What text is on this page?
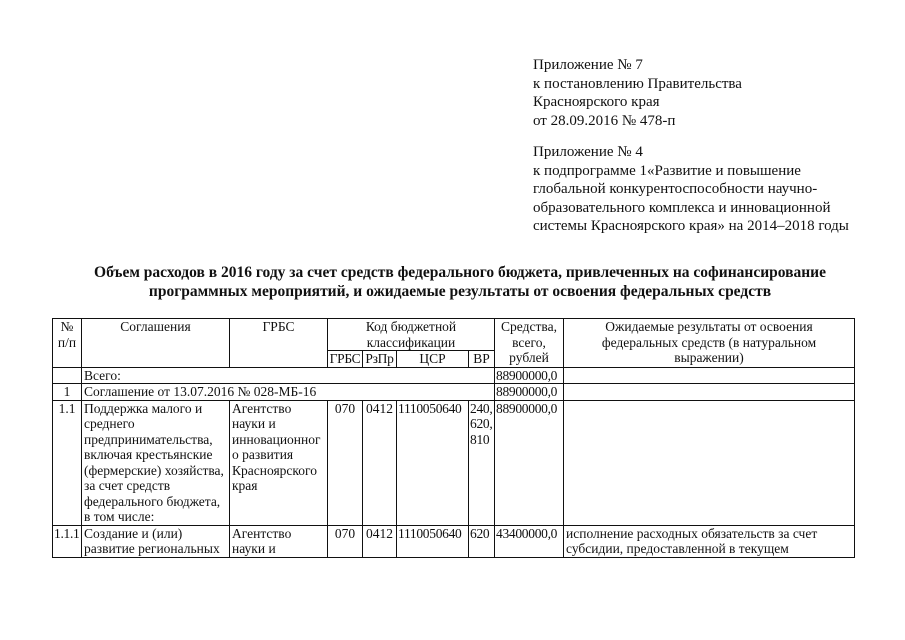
Приложение № 7
к постановлению Правительства
Красноярского края
от 28.09.2016 № 478-п
Приложение № 4
к подпрограмме 1«Развитие и повышение
глобальной конкурентоспособности научно-
образовательного комплекса и инновационной
системы Красноярского края» на 2014–2018 годы
Объем расходов в 2016 году за счет средств федерального бюджета, привлеченных на софинансирование
программных мероприятий, и ожидаемые результаты от освоения федеральных средств
№ п/п	Соглашения	ГРБС	Код бюджетной классификации				Средства, всего, рублей	Ожидаемые результаты от освоения федеральных средств (в натуральном выражении)
			ГРБС	РзПр	ЦСР	ВР		
	Всего:						88900000,0	
1	Соглашение от 13.07.2016 № 028-МБ-16						88900000,0	
1.1	Поддержка малого и среднего предпринимательства, включая крестьянские (фермерские) хозяйства, за счет средств федерального бюджета, в том числе:	Агентство науки и инновационного развития Красноярского края	070	0412	1110050640	240, 620, 810	88900000,0	
1.1.1	Создание и (или) развитие региональных	Агентство науки и	070	0412	1110050640	620	43400000,0	исполнение расходных обязательств за счет субсидии, предоставленной в текущем
